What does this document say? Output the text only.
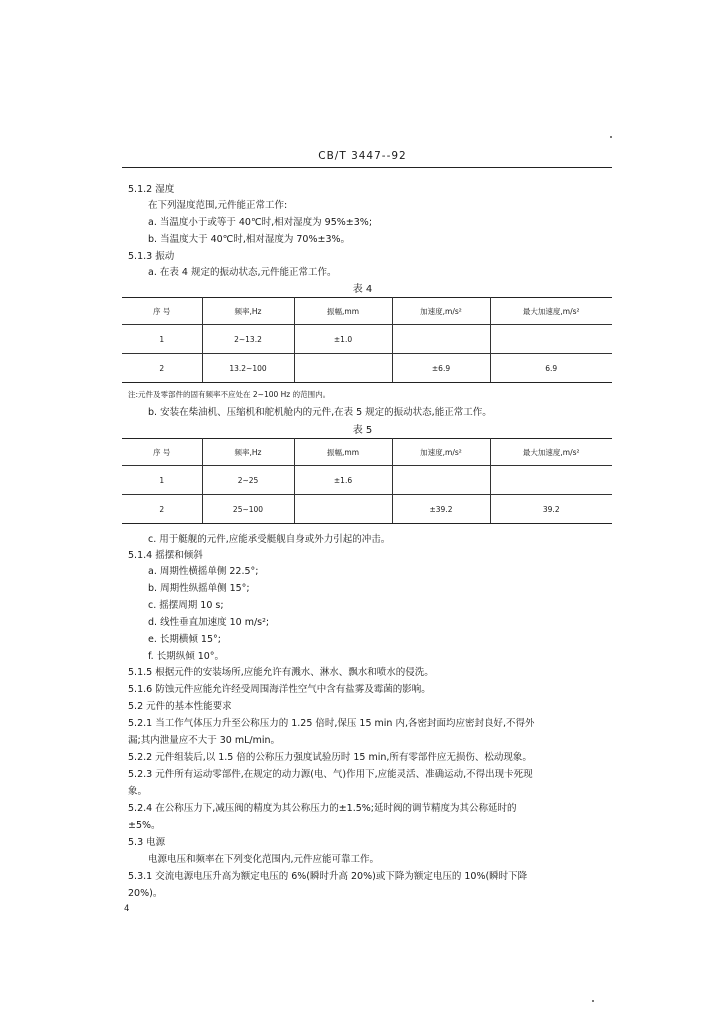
CB/T 3447--92
5.1.2 湿度
在下列湿度范围,元件能正常工作:
a. 当温度小于或等于 40℃时,相对湿度为 95%±3%;
b. 当温度大于 40℃时,相对湿度为 70%±3%。
5.1.3 振动
a. 在表 4 规定的振动状态,元件能正常工作。
表 4
序 号	频率,Hz	振幅,mm	加速度,m/s²	最大加速度,m/s²
1	2~13.2	±1.0		
2	13.2~100		±6.9	6.9
注:元件及零部件的固有频率不应处在 2~100 Hz 的范围内。
b. 安装在柴油机、压缩机和舵机舱内的元件,在表 5 规定的振动状态,能正常工作。
表 5
序 号	频率,Hz	振幅,mm	加速度,m/s²	最大加速度,m/s²
1	2~25	±1.6		
2	25~100		±39.2	39.2
c. 用于艇舰的元件,应能承受艇舰自身或外力引起的冲击。
5.1.4 摇摆和倾斜
a. 周期性横摇单侧 22.5°;
b. 周期性纵摇单侧 15°;
c. 摇摆周期 10 s;
d. 线性垂直加速度 10 m/s²;
e. 长期横倾 15°;
f. 长期纵倾 10°。
5.1.5 根据元件的安装场所,应能允许有溅水、淋水、飘水和喷水的侵洗。
5.1.6 防蚀元件应能允许经受周围海洋性空气中含有盐雾及霉菌的影响。
5.2 元件的基本性能要求
5.2.1 当工作气体压力升至公称压力的 1.25 倍时,保压 15 min 内,各密封面均应密封良好,不得外
漏;其内泄量应不大于 30 mL/min。
5.2.2 元件组装后,以 1.5 倍的公称压力强度试验历时 15 min,所有零部件应无损伤、松动现象。
5.2.3 元件所有运动零部件,在规定的动力源(电、气)作用下,应能灵活、准确运动,不得出现卡死现
象。
5.2.4 在公称压力下,减压阀的精度为其公称压力的±1.5%;延时阀的调节精度为其公称延时的
±5%。
5.3 电源
电源电压和频率在下列变化范围内,元件应能可靠工作。
5.3.1 交流电源电压升高为额定电压的 6%(瞬时升高 20%)或下降为额定电压的 10%(瞬时下降
20%)。
4
